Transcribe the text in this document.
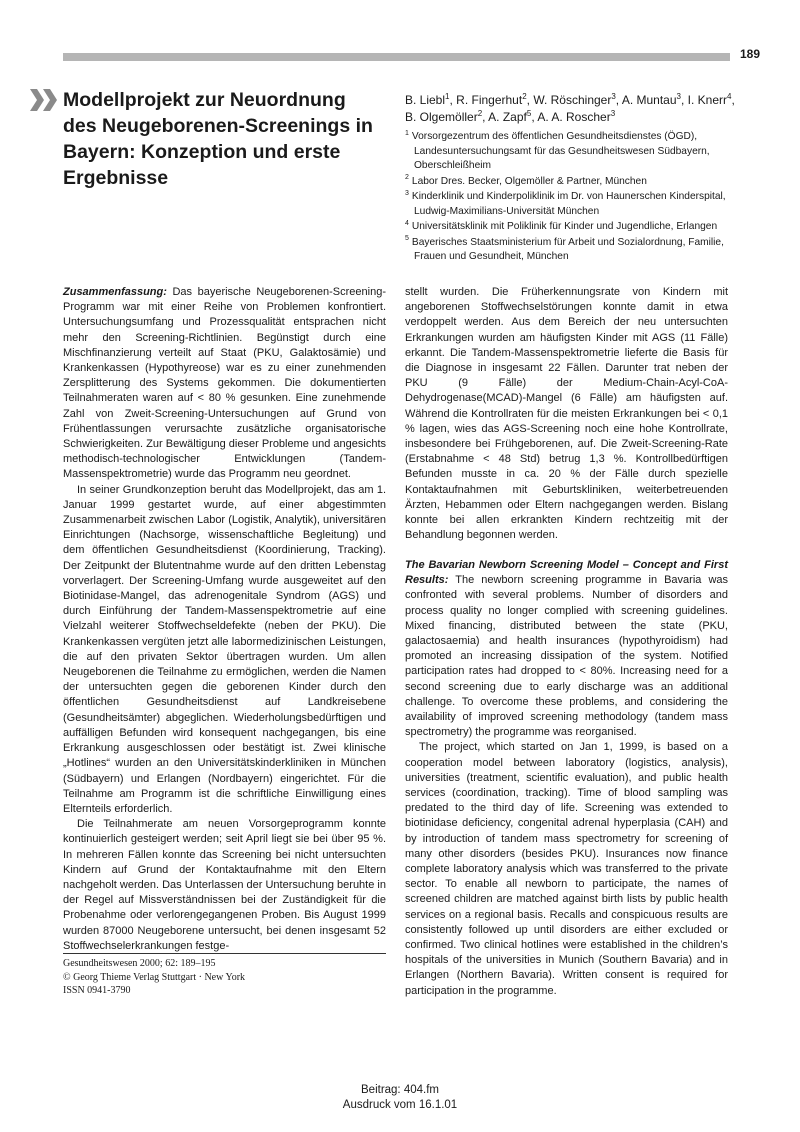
189
Modellprojekt zur Neuordnung des Neugeborenen-Screenings in Bayern: Konzeption und erste Ergebnisse

B. Liebl$^1$, R. Fingerhut$^2$, W. Röschinger$^3$, A. Muntau$^3$, I. Knerr$^4$, B. Olgemöller$^2$, A. Zapf$^5$, A. A. Roscher$^3$

$^1$ Vorsorgezentrum des öffentlichen Gesundheitsdienstes (ÖGD), Landesuntersuchungsamt für das Gesundheitswesen Südbayern, Oberschleißheim

$^2$ Labor Dres. Becker, Olgemöller & Partner, München

$^3$ Kinderklinik und Kinderpoliklinik im Dr. von Haunerschen Kinderspital, Ludwig-Maximilians-Universität München

$^4$ Universitätsklinik mit Poliklinik für Kinder und Jugendliche, Erlangen

$^5$ Bayerisches Staatsministerium für Arbeit und Sozialordnung, Familie, Frauen und Gesundheit, München

Zusammenfassung: Das bayerische Neugeborenen-Screening-Programm war mit einer Reihe von Problemen konfrontiert. Untersuchungsumfang und Prozessqualität entsprachen nicht mehr den Screening-Richtlinien. Begünstigt durch eine Mischfinanzierung verteilt auf Staat (PKU, Galaktosämie) und Krankenkassen (Hypothyreose) war es zu einer zunehmenden Zersplitterung des Systems gekommen. Die dokumentierten Teilnahmeraten waren auf < 80 % gesunken. Eine zunehmende Zahl von Zweit-Screening-Untersuchungen auf Grund von Frühentlassungen verursachte zusätzliche organisatorische Schwierigkeiten. Zur Bewältigung dieser Probleme und angesichts methodisch-technologischer Entwicklungen (Tandem-Massenspektrometrie) wurde das Programm neu geordnet.

In seiner Grundkonzeption beruht das Modellprojekt, das am 1. Januar 1999 gestartet wurde, auf einer abgestimmten Zusammenarbeit zwischen Labor (Logistik, Analytik), universitären Einrichtungen (Nachsorge, wissenschaftliche Begleitung) und dem öffentlichen Gesundheitsdienst (Koordinierung, Tracking). Der Zeitpunkt der Blutentnahme wurde auf den dritten Lebenstag vorverlagert. Der Screening-Umfang wurde ausgeweitet auf den Biotinidase-Mangel, das adrenogenitale Syndrom (AGS) und durch Einführung der Tandem-Massenspektrometrie auf eine Vielzahl weiterer Stoffwechseldefekte (neben der PKU). Die Krankenkassen vergüten jetzt alle labormedizinischen Leistungen, die auf den privaten Sektor übertragen wurden. Um allen Neugeborenen die Teilnahme zu ermöglichen, werden die Namen der untersuchten gegen die geborenen Kinder durch den öffentlichen Gesundheitsdienst auf Landkreisebene (Gesundheitsämter) abgeglichen. Wiederholungsbedürftigen und auffälligen Befunden wird konsequent nachgegangen, bis eine Erkrankung ausgeschlossen oder bestätigt ist. Zwei klinische „Hotlines“ wurden an den Universitätskinderkliniken in München (Südbayern) und Erlangen (Nordbayern) eingerichtet. Für die Teilnahme am Programm ist die schriftliche Einwilligung eines Elternteils erforderlich.

Die Teilnahmerate am neuen Vorsorgeprogramm konnte kontinuierlich gesteigert werden; seit April liegt sie bei über 95 %. In mehreren Fällen konnte das Screening bei nicht untersuchten Kindern auf Grund der Kontaktaufnahme mit den Eltern nachgeholt werden. Das Unterlassen der Untersuchung beruhte in der Regel auf Missverständnissen bei der Zuständigkeit für die Probenahme oder verlorengegangenen Proben. Bis August 1999 wurden 87000 Neugeborene untersucht, bei denen insgesamt 52 Stoffwechselerkrankungen festge-

stellt wurden. Die Früherkennungsrate von Kindern mit angeborenen Stoffwechselstörungen konnte damit in etwa verdoppelt werden. Aus dem Bereich der neu untersuchten Erkrankungen wurden am häufigsten Kinder mit AGS (11 Fälle) erkannt. Die Tandem-Massenspektrometrie lieferte die Basis für die Diagnose in insgesamt 22 Fällen. Darunter trat neben der PKU (9 Fälle) der Medium-Chain-Acyl-CoA-Dehydrogenase(MCAD)-Mangel (6 Fälle) am häufigsten auf. Während die Kontrollraten für die meisten Erkrankungen bei < 0,1 % lagen, wies das AGS-Screening noch eine hohe Kontrollrate, insbesondere bei Frühgeborenen, auf. Die Zweit-Screening-Rate (Erstabnahme < 48 Std) betrug 1,3 %. Kontrollbedürftigen Befunden musste in ca. 20 % der Fälle durch spezielle Kontaktaufnahmen mit Geburtskliniken, weiterbetreuenden Ärzten, Hebammen oder Eltern nachgegangen werden. Bislang konnte bei allen erkrankten Kindern rechtzeitig mit der Behandlung begonnen werden.

The Bavarian Newborn Screening Model – Concept and First Results: The newborn screening programme in Bavaria was confronted with several problems. Number of disorders and process quality no longer complied with screening guidelines. Mixed financing, distributed between the state (PKU, galactosaemia) and health insurances (hypothyroidism) had promoted an increasing dissipation of the system. Notified participation rates had dropped to < 80%. Increasing need for a second screening due to early discharge was an additional challenge. To overcome these problems, and considering the availability of improved screening methodology (tandem mass spectrometry) the programme was reorganised.

The project, which started on Jan 1, 1999, is based on a cooperation model between laboratory (logistics, analysis), universities (treatment, scientific evaluation), and public health services (coordination, tracking). Time of blood sampling was predated to the third day of life. Screening was extended to biotinidase deficiency, congenital adrenal hyperplasia (CAH) and by introduction of tandem mass spectrometry for screening of many other disorders (besides PKU). Insurances now finance complete laboratory analysis which was transferred to the private sector. To enable all newborn to participate, the names of screened children are matched against birth lists by public health services on a regional basis. Recalls and conspicuous results are consistently followed up until disorders are either excluded or confirmed. Two clinical hotlines were established in the children’s hospitals of the universities in Munich (Southern Bavaria) and in Erlangen (Northern Bavaria). Written consent is required for participation in the programme.

Gesundheitswesen 2000; 62: 189–195
© Georg Thieme Verlag Stuttgart · New York
ISSN 0941-3790
Beitrag: 404.fm
Ausdruck vom 16.1.01
